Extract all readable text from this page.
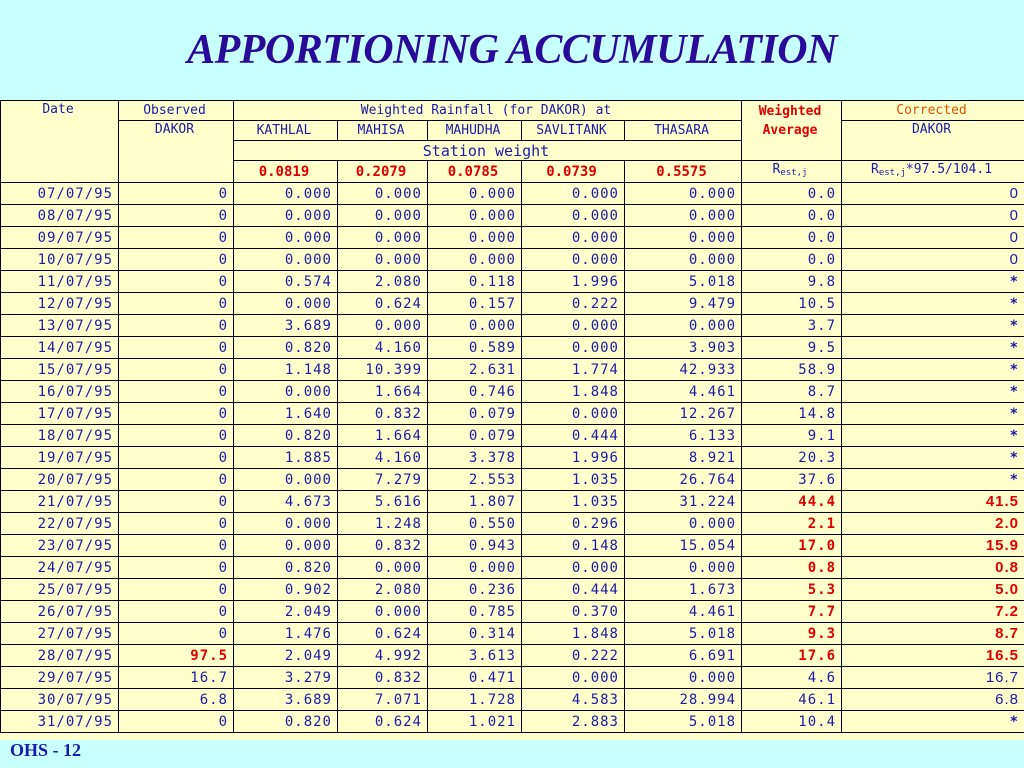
APPORTIONING ACCUMULATION
Date	Observed	Weighted Rainfall (for DAKOR) at					Weighted Average	Corrected
	DAKOR	KATHLAL	MAHISA	MAHUDHA	SAVLITANK	THASARA		DAKOR
		Station weight						
		0.0819	0.2079	0.0785	0.0739	0.5575	$R_{est,j}$	$R_{est,j}*97.5/104.1$
07/07/95	0	0.000	0.000	0.000	0.000	0.000	0.0	0
08/07/95	0	0.000	0.000	0.000	0.000	0.000	0.0	0
09/07/95	0	0.000	0.000	0.000	0.000	0.000	0.0	0
10/07/95	0	0.000	0.000	0.000	0.000	0.000	0.0	0
11/07/95	0	0.574	2.080	0.118	1.996	5.018	9.8	*
12/07/95	0	0.000	0.624	0.157	0.222	9.479	10.5	*
13/07/95	0	3.689	0.000	0.000	0.000	0.000	3.7	*
14/07/95	0	0.820	4.160	0.589	0.000	3.903	9.5	*
15/07/95	0	1.148	10.399	2.631	1.774	42.933	58.9	*
16/07/95	0	0.000	1.664	0.746	1.848	4.461	8.7	*
17/07/95	0	1.640	0.832	0.079	0.000	12.267	14.8	*
18/07/95	0	0.820	1.664	0.079	0.444	6.133	9.1	*
19/07/95	0	1.885	4.160	3.378	1.996	8.921	20.3	*
20/07/95	0	0.000	7.279	2.553	1.035	26.764	37.6	*
21/07/95	0	4.673	5.616	1.807	1.035	31.224	44.4	41.5
22/07/95	0	0.000	1.248	0.550	0.296	0.000	2.1	2.0
23/07/95	0	0.000	0.832	0.943	0.148	15.054	17.0	15.9
24/07/95	0	0.820	0.000	0.000	0.000	0.000	0.8	0.8
25/07/95	0	0.902	2.080	0.236	0.444	1.673	5.3	5.0
26/07/95	0	2.049	0.000	0.785	0.370	4.461	7.7	7.2
27/07/95	0	1.476	0.624	0.314	1.848	5.018	9.3	8.7
28/07/95	97.5	2.049	4.992	3.613	0.222	6.691	17.6	16.5
29/07/95	16.7	3.279	0.832	0.471	0.000	0.000	4.6	16.7
30/07/95	6.8	3.689	7.071	1.728	4.583	28.994	46.1	6.8
31/07/95	0	0.820	0.624	1.021	2.883	5.018	10.4	*
OHS - 12
